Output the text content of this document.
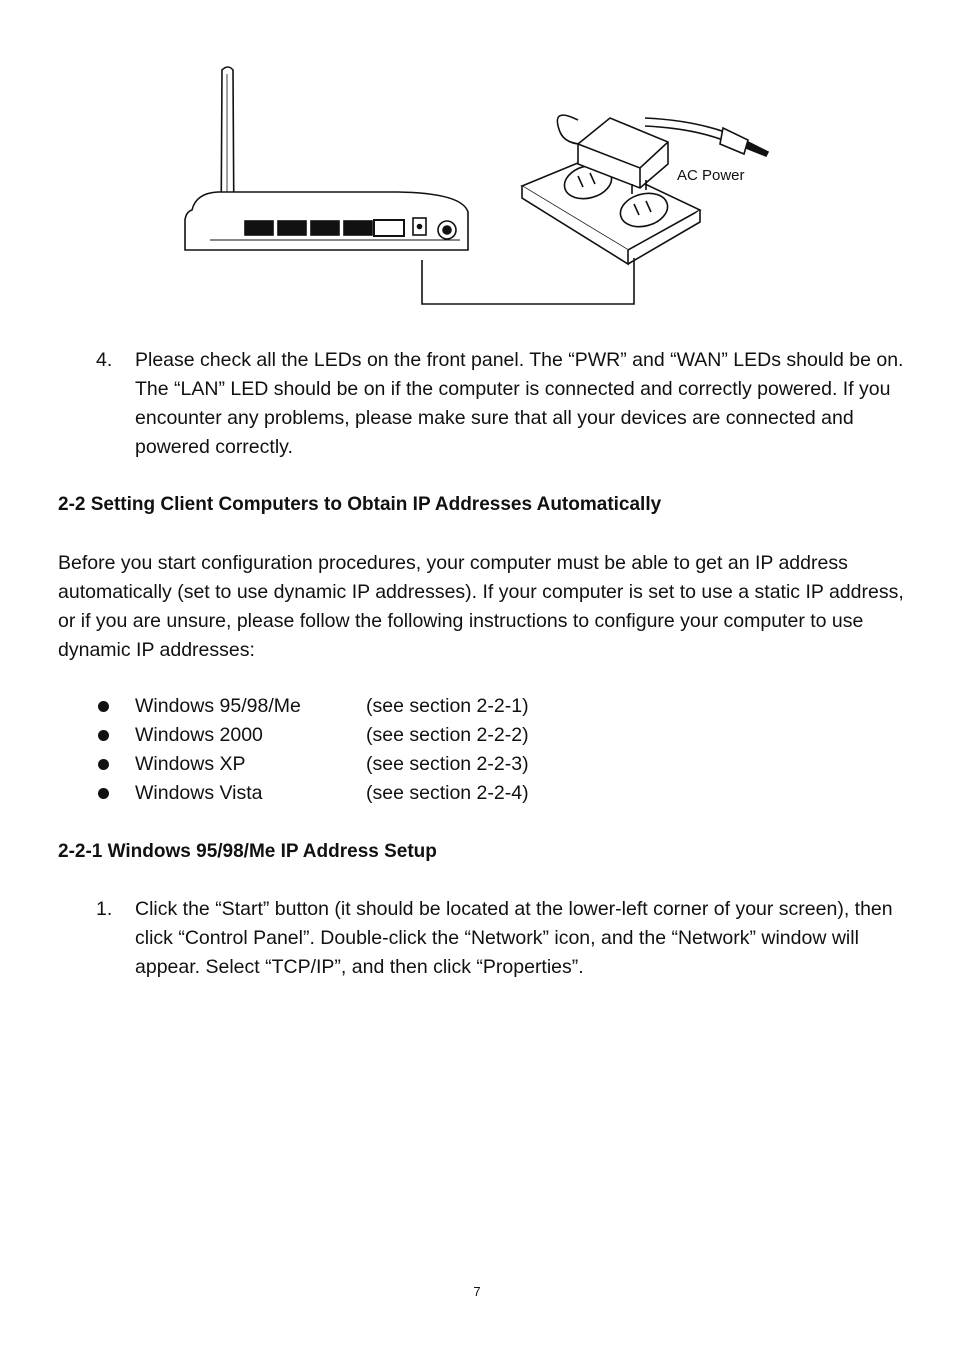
AC Power
4.	Please check all the LEDs on the front panel. The “PWR” and “WAN” LEDs should be on. The “LAN” LED should be on if the computer is connected and correctly powered. If you encounter any problems, please make sure that all your devices are connected and powered correctly.
2-2 Setting Client Computers to Obtain IP Addresses Automatically
Before you start configuration procedures, your computer must be able to get an IP address automatically (set to use dynamic IP addresses). If your computer is set to use a static IP address, or if you are unsure, please follow the following instructions to configure your computer to use dynamic IP addresses:
Windows 95/98/Me	(see section 2-2-1)
Windows 2000	(see section 2-2-2)
Windows XP	(see section 2-2-3)
Windows Vista	(see section 2-2-4)
2-2-1 Windows 95/98/Me IP Address Setup
1.	Click the “Start” button (it should be located at the lower-left corner of your screen), then click “Control Panel”. Double-click the “Network” icon, and the “Network” window will appear. Select “TCP/IP”, and then click “Properties”.
7
